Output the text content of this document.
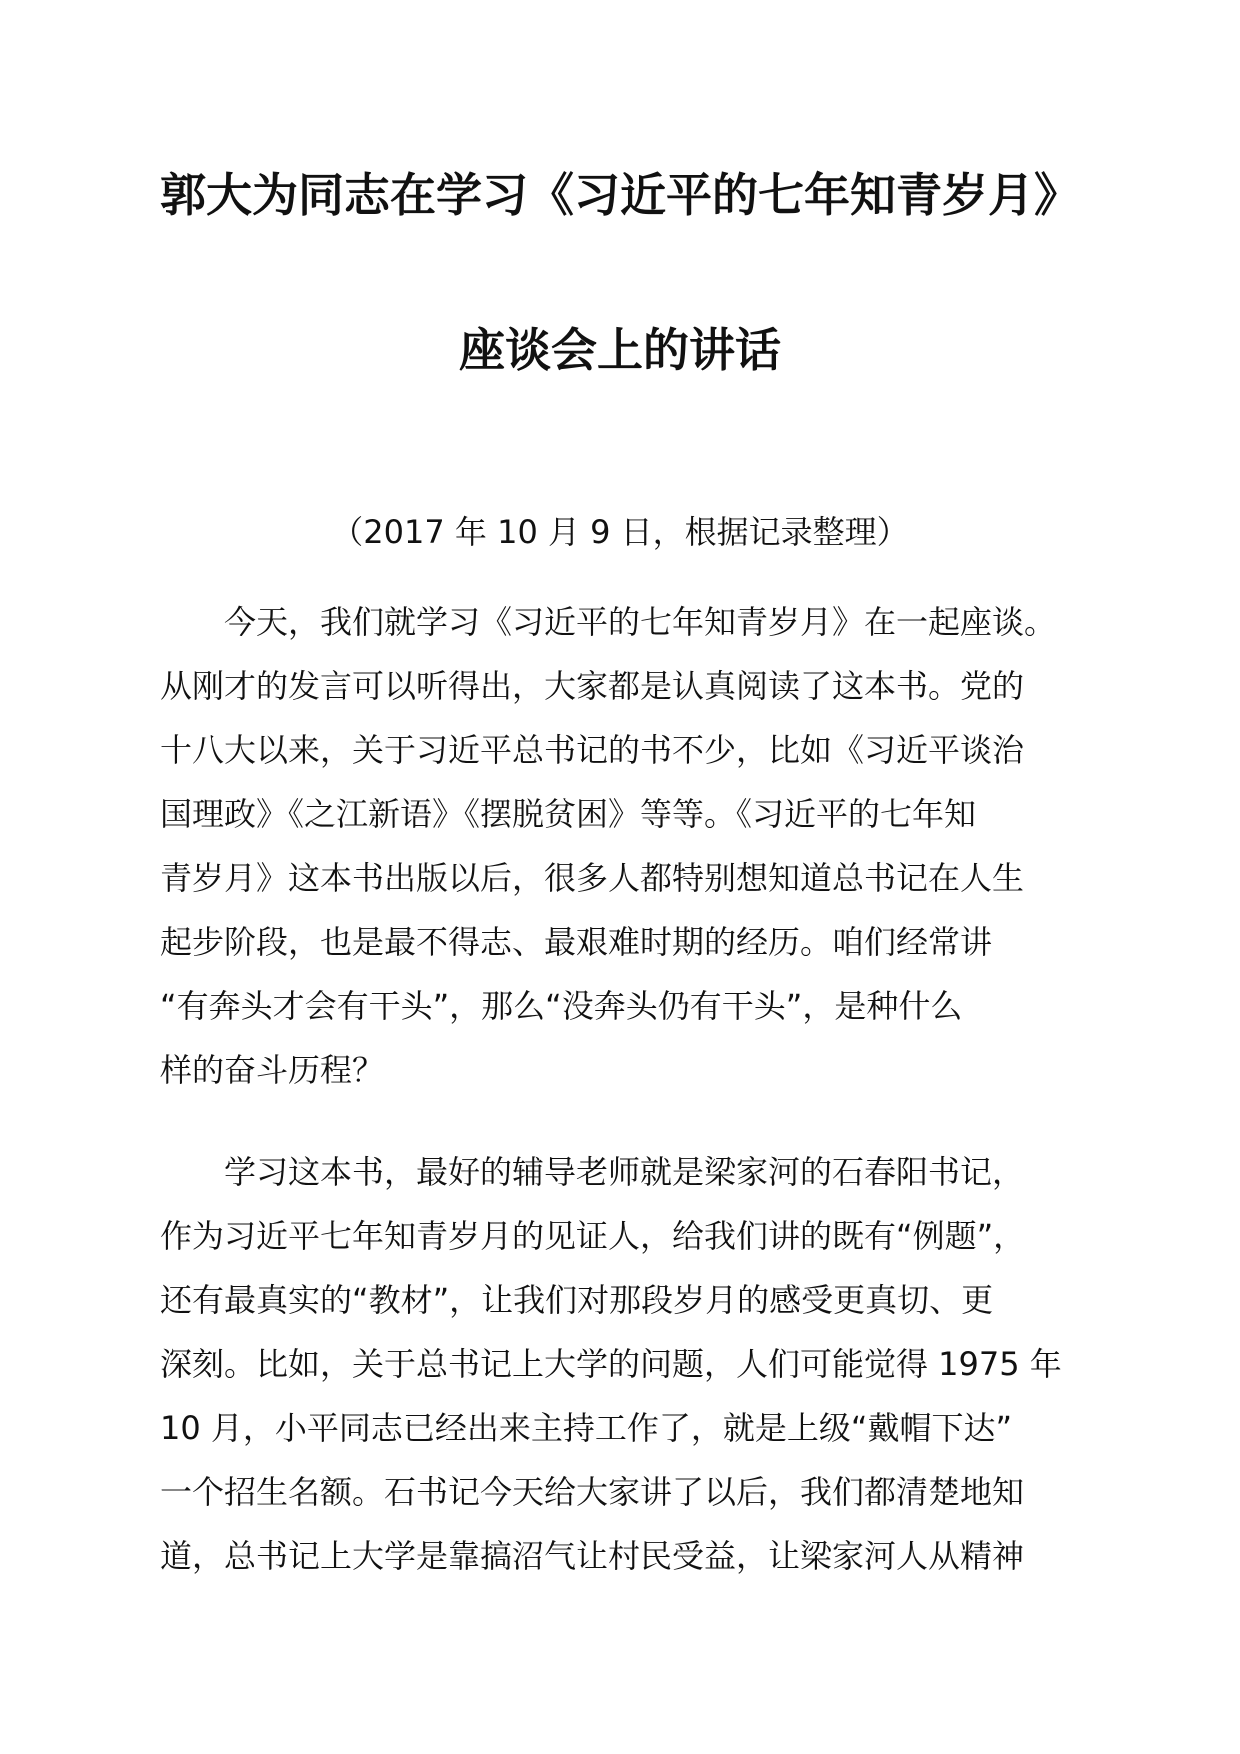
郭大为同志在学习《习近平的七年知青岁月》
座谈会上的讲话
（2017 年 10 月 9 日，根据记录整理）
　　今天，我们就学习《习近平的七年知青岁月》在一起座谈。
从刚才的发言可以听得出，大家都是认真阅读了这本书。党的
十八大以来，关于习近平总书记的书不少，比如《习近平谈治
国理政》《之江新语》《摆脱贫困》等等。《习近平的七年知
青岁月》这本书出版以后，很多人都特别想知道总书记在人生
起步阶段，也是最不得志、最艰难时期的经历。咱们经常讲
“有奔头才会有干头”，那么“没奔头仍有干头”，是种什么
样的奋斗历程？
　　学习这本书，最好的辅导老师就是梁家河的石春阳书记，
作为习近平七年知青岁月的见证人，给我们讲的既有“例题”，
还有最真实的“教材”，让我们对那段岁月的感受更真切、更
深刻。比如，关于总书记上大学的问题，人们可能觉得 1975 年
10 月，小平同志已经出来主持工作了，就是上级“戴帽下达”
一个招生名额。石书记今天给大家讲了以后，我们都清楚地知
道，总书记上大学是靠搞沼气让村民受益，让梁家河人从精神
